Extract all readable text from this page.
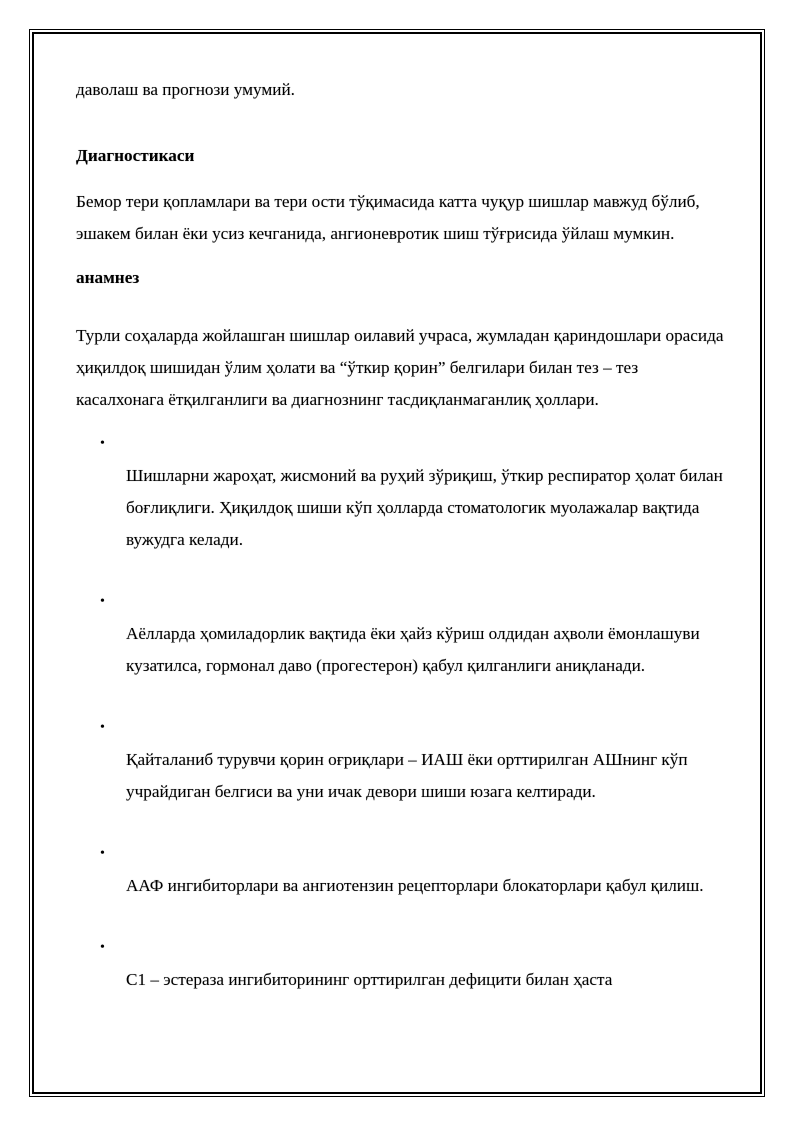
даволаш ва прогнози умумий.

Диагностикаси

Бемор тери қопламлари ва тери ости тўқимасида катта чуқур шишлар мавжуд бўлиб, эшакем билан ёки усиз кечганида, ангионевротик шиш тўғрисида ўйлаш мумкин.

анамнез

Турли соҳаларда жойлашган шишлар оилавий учраса, жумладан қариндошлари орасида ҳиқилдоқ шишидан ўлим ҳолати ва “ўткир қорин” белгилари билан тез – тез касалхонага ётқилганлиги ва диагнознинг тасдиқланмаганлиқ ҳоллари.

•

Шишларни жароҳат, жисмоний ва руҳий зўриқиш, ўткир респиратор ҳолат билан боғлиқлиги. Ҳиқилдоқ шиши кўп ҳолларда стоматологик муолажалар вақтида вужудга келади.

•

Аёлларда ҳомиладорлик вақтида ёки ҳайз кўриш олдидан аҳволи ёмонлашуви кузатилса, гормонал даво (прогестерон) қабул қилганлиги аниқланади.

•

Қайталаниб турувчи қорин оғриқлари – ИАШ ёки орттирилган АШнинг кўп учрайдиган белгиси ва уни ичак девори шиши юзага келтиради.

•

ААФ ингибиторлари ва ангиотензин рецепторлари блокаторлари қабул қилиш.

•

С1 – эстераза ингибиторининг орттирилган дефицити билан ҳаста
